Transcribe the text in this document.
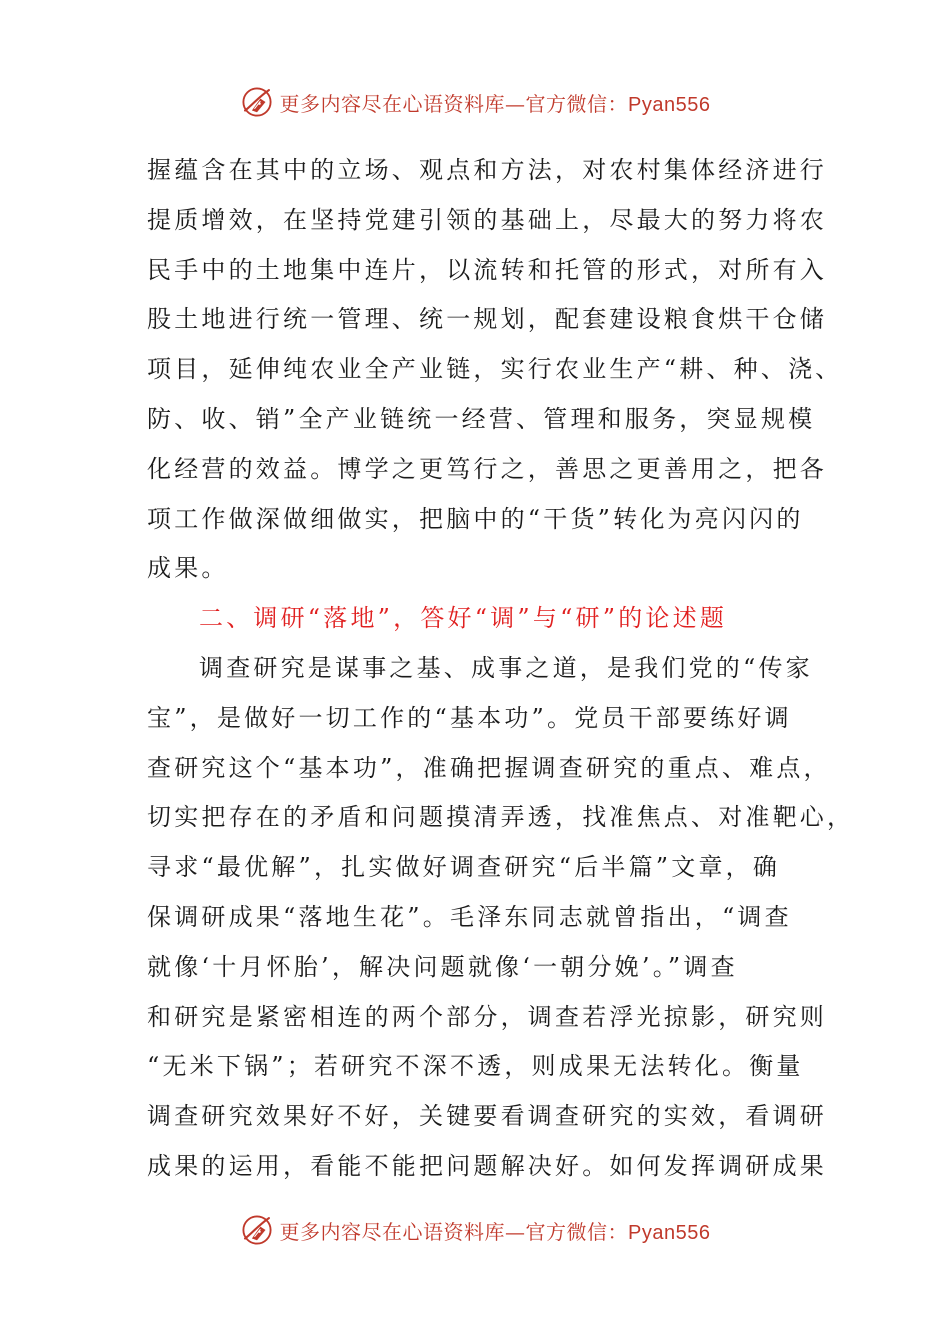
更多内容尽在心语资料库—官方微信：Pyan556
握蕴含在其中的立场、观点和方法，对农村集体经济进行
提质增效，在坚持党建引领的基础上，尽最大的努力将农
民手中的土地集中连片，以流转和托管的形式，对所有入
股土地进行统一管理、统一规划，配套建设粮食烘干仓储
项目，延伸纯农业全产业链，实行农业生产“耕、种、浇、
防、收、销”全产业链统一经营、管理和服务，突显规模
化经营的效益。博学之更笃行之，善思之更善用之，把各
项工作做深做细做实，把脑中的“干货”转化为亮闪闪的
成果。
二、调研“落地”，答好“调”与“研”的论述题
调查研究是谋事之基、成事之道，是我们党的“传家
宝”，是做好一切工作的“基本功”。党员干部要练好调
查研究这个“基本功”，准确把握调查研究的重点、难点，
切实把存在的矛盾和问题摸清弄透，找准焦点、对准靶心，
寻求“最优解”，扎实做好调查研究“后半篇”文章，确
保调研成果“落地生花”。毛泽东同志就曾指出，“调查
就像‘十月怀胎’，解决问题就像‘一朝分娩’。”调查
和研究是紧密相连的两个部分，调查若浮光掠影，研究则
“无米下锅”；若研究不深不透，则成果无法转化。衡量
调查研究效果好不好，关键要看调查研究的实效，看调研
成果的运用，看能不能把问题解决好。如何发挥调研成果
更多内容尽在心语资料库—官方微信：Pyan556
